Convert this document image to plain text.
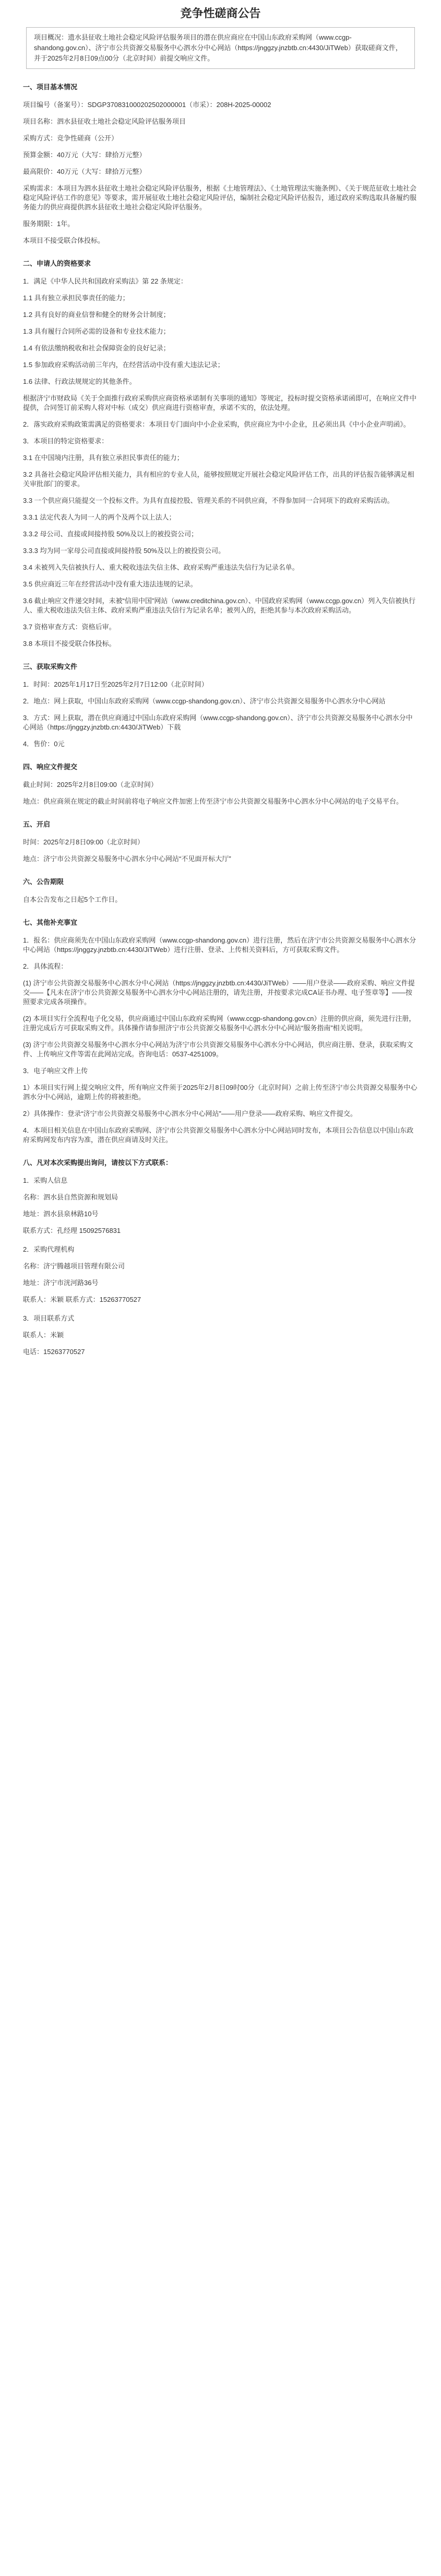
竞争性磋商公告
项目概况：遗水县征收土地社会稳定风险评估服务项目的潜在供应商应在中国山东政府采购网（www.ccgp-shandong.gov.cn）、济宁市公共资源交易服务中心泗水分中心网站（https://jnggzy.jnzbtb.cn:4430/JiTWeb）获取磋商文件，并于2025年2月8日09点00分（北京时间）前提交响应文件。
一、项目基本情况
项目编号（备案号）：SDGP370831000202502000001（市采）：208H-2025-00002
项目名称：泗水县征收土地社会稳定风险评估服务项目
采购方式：竞争性磋商（公开）
预算金额：40万元（大写：肆拾万元整）
最高限价：40万元（大写：肆拾万元整）
采购需求：本项目为泗水县征收土地社会稳定风险评估服务，根据《土地管理法》、《土地管理法实施条例》、《关于规范征收土地社会稳定风险评估工作的意见》等要求，需开展征收土地社会稳定风险评估，编制社会稳定风险评估报告，通过政府采购选取具备履约服务能力的供应商提供泗水县征收土地社会稳定风险评估服务。
服务期限：1年。
本项目不接受联合体投标。
二、申请人的资格要求
1．满足《中华人民共和国政府采购法》第 22 条规定：
1.1 具有独立承担民事责任的能力；
1.2 具有良好的商业信誉和健全的财务会计制度；
1.3 具有履行合同所必需的设备和专业技术能力；
1.4 有依法缴纳税收和社会保障资金的良好记录；
1.5 参加政府采购活动前三年内，在经营活动中没有重大违法记录；
1.6 法律、行政法规规定的其他条件。
根据济宁市财政局《关于全面推行政府采购供应商资格承诺制有关事项的通知》等规定，投标时提交资格承诺函即可，在响应文件中提供，合同签订前采购人将对中标（成交）供应商进行资格审查，承诺不实的，依法处理。
2．落实政府采购政策需满足的资格要求：本项目专门面向中小企业采购，供应商应为中小企业，且必须出具《中小企业声明函》。
3．本项目的特定资格要求：
3.1 在中国境内注册，具有独立承担民事责任的能力；
3.2 具备社会稳定风险评估相关能力，具有相应的专业人员，能够按照规定开展社会稳定风险评估工作，出具的评估报告能够满足相关审批部门的要求。
3.3 一个供应商只能提交一个投标文件。为具有直接控股、管理关系的不同供应商，不得参加同一合同项下的政府采购活动。
3.3.1 法定代表人为同一人的两个及两个以上法人；
3.3.2 母公司、直接或间接持股 50%及以上的被投资公司；
3.3.3 均为同一家母公司直接或间接持股 50%及以上的被投资公司。
3.4 未被列入失信被执行人、重大税收违法失信主体、政府采购严重违法失信行为记录名单。
3.5 供应商近三年在经营活动中没有重大违法违规的记录。
3.6 截止响应文件递交时间，未被“信用中国”网站（www.creditchina.gov.cn）、中国政府采购网（www.ccgp.gov.cn）列入失信被执行人、重大税收违法失信主体、政府采购严重违法失信行为记录名单；被列入的，拒绝其参与本次政府采购活动。
3.7 资格审查方式：资格后审。
3.8 本项目不接受联合体投标。
三、获取采购文件
1．时间：2025年1月17日至2025年2月7日12:00（北京时间）
2．地点：网上获取，中国山东政府采购网（www.ccgp-shandong.gov.cn）、济宁市公共资源交易服务中心泗水分中心网站
3．方式：网上获取，潜在供应商通过中国山东政府采购网（www.ccgp-shandong.gov.cn）、济宁市公共资源交易服务中心泗水分中心网站（https://jnggzy.jnzbtb.cn:4430/JiTWeb）下载
4．售价：0元
四、响应文件提交
截止时间：2025年2月8日09:00（北京时间）
地点：供应商须在规定的截止时间前将电子响应文件加密上传至济宁市公共资源交易服务中心泗水分中心网站的电子交易平台。
五、开启
时间：2025年2月8日09:00（北京时间）
地点：济宁市公共资源交易服务中心泗水分中心网站“不见面开标大厅”
六、公告期限
自本公告发布之日起5个工作日。
七、其他补充事宜
1．报名：供应商须先在中国山东政府采购网（www.ccgp-shandong.gov.cn）进行注册，然后在济宁市公共资源交易服务中心泗水分中心网站（https://jnggzy.jnzbtb.cn:4430/JiTWeb）进行注册、登录、上传相关资料后，方可获取采购文件。
2．具体流程：
(1) 济宁市公共资源交易服务中心泗水分中心网站（https://jnggzy.jnzbtb.cn:4430/JiTWeb）——用户登录——政府采购、响应文件提交——【凡未在济宁市公共资源交易服务中心泗水分中心网站注册的，请先注册，并按要求完成CA证书办理、电子签章等】——按照要求完成各项操作。
(2) 本项目实行全流程电子化交易，供应商通过中国山东政府采购网（www.ccgp-shandong.gov.cn）注册的供应商，须先进行注册，注册完成后方可获取采购文件。具体操作请参照济宁市公共资源交易服务中心泗水分中心网站“服务指南”相关说明。
(3) 济宁市公共资源交易服务中心泗水分中心网站为济宁市公共资源交易服务中心泗水分中心网站，供应商注册、登录，获取采购文件、上传响应文件等需在此网站完成。咨询电话：0537-4251009。
3．电子响应文件上传
1）本项目实行网上提交响应文件，所有响应文件须于2025年2月8日09时00分（北京时间）之前上传至济宁市公共资源交易服务中心泗水分中心网站，逾期上传的将被拒绝。
2）具体操作：登录“济宁市公共资源交易服务中心泗水分中心网站”——用户登录——政府采购、响应文件提交。
4．本项目相关信息在中国山东政府采购网、济宁市公共资源交易服务中心泗水分中心网站同时发布，本项目公告信息以中国山东政府采购网发布内容为准，潜在供应商请及时关注。
八、凡对本次采购提出询问，请按以下方式联系：
1．采购人信息
名称：泗水县自然资源和规划局
地址：泗水县泉林路10号
联系方式：孔经理 15092576831
2．采购代理机构
名称：济宁腾越项目管理有限公司
地址：济宁市洸河路36号
联系人：米颖 联系方式：15263770527
3．项目联系方式
联系人：米颖
电话：15263770527
